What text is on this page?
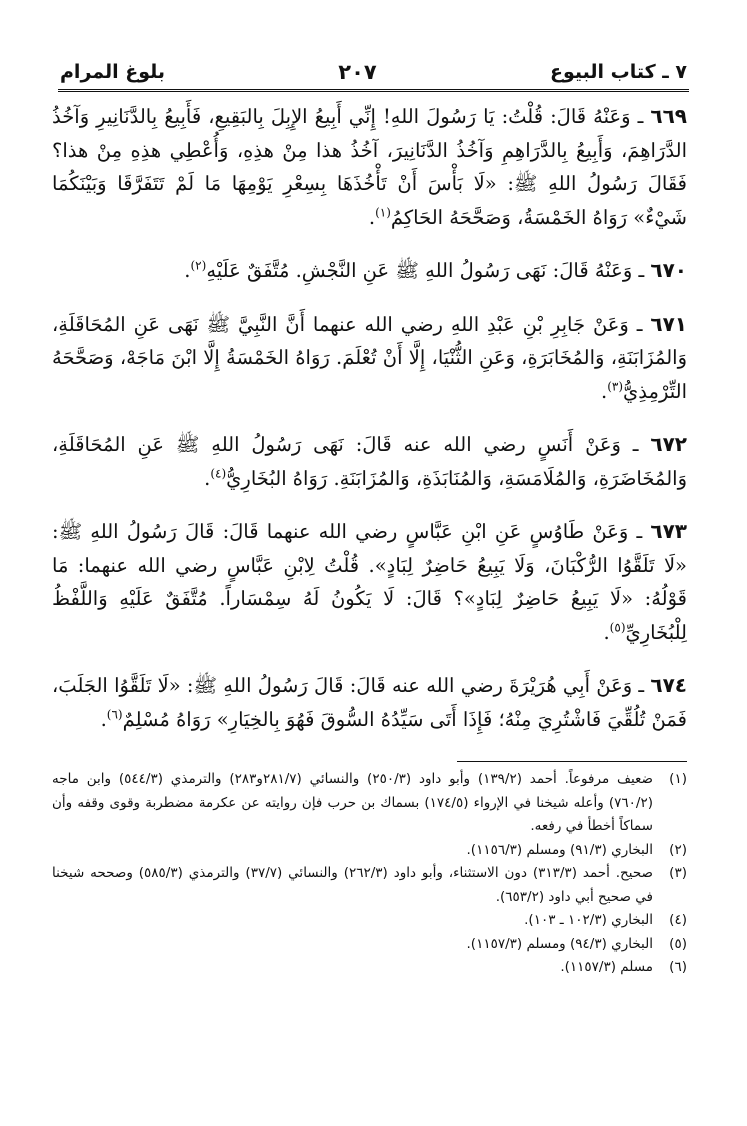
٧ ـ كتاب البيوع
٢٠٧
بلوغ المرام

٦٦٩ ـ وَعَنْهُ قَالَ: قُلْتُ: يَا رَسُولَ اللهِ! إِنِّي أَبِيعُ الإِبِلَ بِالبَقِيعِ، فَأَبِيعُ بِالدَّنَانِيرِ وَآخُذُ الدَّرَاهِمَ، وَأَبِيعُ بِالدَّرَاهِمِ وَآخُذُ الدَّنَانِيرَ، آخُذُ هذا مِنْ هذِهِ، وَأُعْطِي هذِهِ مِنْ هذا؟ فَقَالَ رَسُولُ اللهِ ﷺ: «لَا بَأْسَ أَنْ تَأْخُذَهَا بِسِعْرِ يَوْمِهَا مَا لَمْ تَتَفَرَّقَا وَبَيْنَكُمَا شَيْءٌ» رَوَاهُ الخَمْسَةُ، وَصَحَّحَهُ الحَاكِمُ$^{(١)}$.

٦٧٠ ـ وَعَنْهُ قَالَ: نَهَى رَسُولُ اللهِ ﷺ عَنِ النَّجْشِ. مُتَّفَقٌ عَلَيْهِ$^{(٢)}$.

٦٧١ ـ وَعَنْ جَابِرِ بْنِ عَبْدِ اللهِ رضي الله عنهما أَنَّ النَّبِيَّ ﷺ نَهَى عَنِ المُحَاقَلَةِ، وَالمُزَابَنَةِ، وَالمُخَابَرَةِ، وَعَنِ الثُّنْيَا، إِلَّا أَنْ تُعْلَمَ. رَوَاهُ الخَمْسَةُ إِلَّا ابْنَ مَاجَهْ، وَصَحَّحَهُ التِّرْمِذِيُّ$^{(٣)}$.

٦٧٢ ـ وَعَنْ أَنَسٍ رضي الله عنه قَالَ: نَهَى رَسُولُ اللهِ ﷺ عَنِ المُحَاقَلَةِ، وَالمُخَاضَرَةِ، وَالمُلَامَسَةِ، وَالمُنَابَذَةِ، وَالمُزَابَنَةِ. رَوَاهُ البُخَارِيُّ$^{(٤)}$.

٦٧٣ ـ وَعَنْ طَاوُسٍ عَنِ ابْنِ عَبَّاسٍ رضي الله عنهما قَالَ: قَالَ رَسُولُ اللهِ ﷺ: «لَا تَلَقَّوُا الرُّكْبَانَ، وَلَا يَبِيعُ حَاضِرٌ لِبَادٍ». قُلْتُ لِابْنِ عَبَّاسٍ رضي الله عنهما: مَا قَوْلُهُ: «لَا يَبِيعُ حَاضِرٌ لِبَادٍ»؟ قَالَ: لَا يَكُونُ لَهُ سِمْسَاراً. مُتَّفَقٌ عَلَيْهِ وَاللَّفْظُ لِلْبُخَارِيِّ$^{(٥)}$.

٦٧٤ ـ وَعَنْ أَبِي هُرَيْرَةَ رضي الله عنه قَالَ: قَالَ رَسُولُ اللهِ ﷺ: «لَا تَلَقَّوُا الجَلَبَ، فَمَنْ تُلُقِّيَ فَاشْتُرِيَ مِنْهُ؛ فَإِذَا أَتَى سَيِّدُهُ السُّوقَ فَهُوَ بِالخِيَارِ» رَوَاهُ مُسْلِمٌ$^{(٦)}$.

(١)
ضعيف مرفوعاً. أحمد (١٣٩/٢) وأبو داود (٢٥٠/٣) والنسائي (٢٨١/٧و٢٨٣) والترمذي (٥٤٤/٣) وابن ماجه (٧٦٠/٢) وأعله شيخنا في الإرواء (١٧٤/٥) بسماك بن حرب فإن روايته عن عكرمة مضطربة وقوى وقفه وأن سماكاً أخطأ في رفعه.
(٢)
البخاري (٩١/٣) ومسلم (١١٥٦/٣).
(٣)
صحيح. أحمد (٣١٣/٣) دون الاستثناء، وأبو داود (٢٦٢/٣) والنسائي (٣٧/٧) والترمذي (٥٨٥/٣) وصححه شيخنا في صحيح أبي داود (٦٥٣/٢).
(٤)
البخاري (١٠٢/٣ ـ ١٠٣).
(٥)
البخاري (٩٤/٣) ومسلم (١١٥٧/٣).
(٦)
مسلم (١١٥٧/٣).
